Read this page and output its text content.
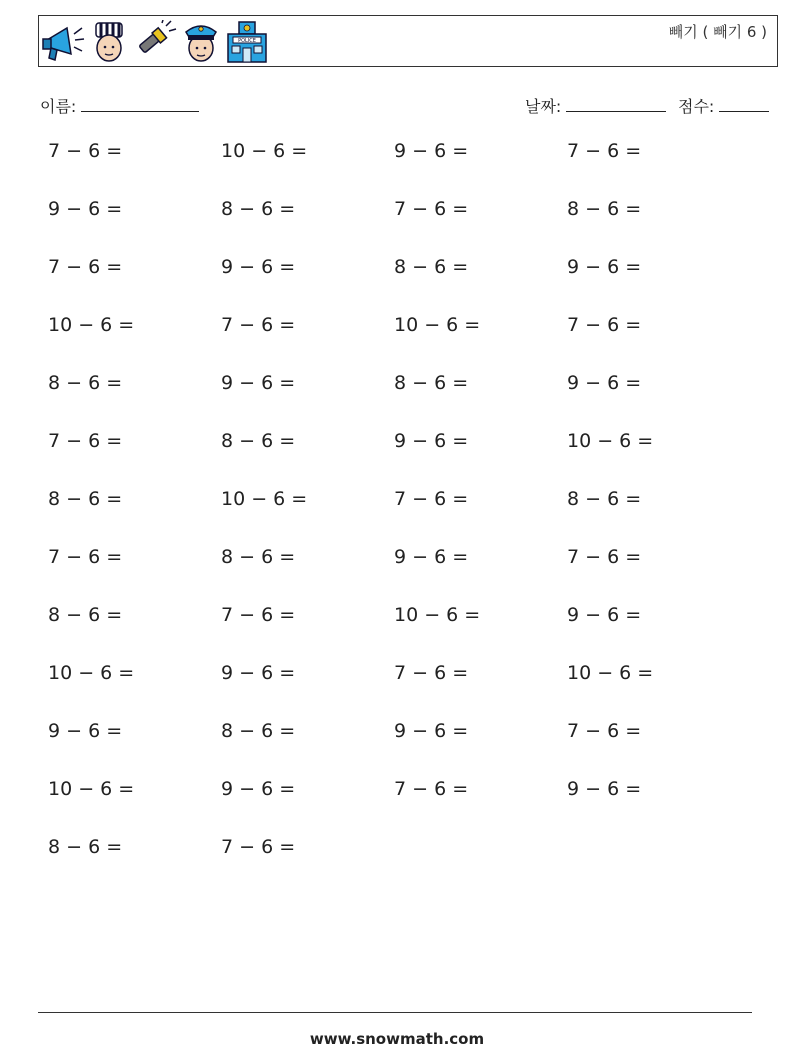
POLICE	빼기 ( 빼기 6 )
이름:	날짜:	점수:
7 − 6 =	10 − 6 =	9 − 6 =	7 − 6 =
9 − 6 =	8 − 6 =	7 − 6 =	8 − 6 =
7 − 6 =	9 − 6 =	8 − 6 =	9 − 6 =
10 − 6 =	7 − 6 =	10 − 6 =	7 − 6 =
8 − 6 =	9 − 6 =	8 − 6 =	9 − 6 =
7 − 6 =	8 − 6 =	9 − 6 =	10 − 6 =
8 − 6 =	10 − 6 =	7 − 6 =	8 − 6 =
7 − 6 =	8 − 6 =	9 − 6 =	7 − 6 =
8 − 6 =	7 − 6 =	10 − 6 =	9 − 6 =
10 − 6 =	9 − 6 =	7 − 6 =	10 − 6 =
9 − 6 =	8 − 6 =	9 − 6 =	7 − 6 =
10 − 6 =	9 − 6 =	7 − 6 =	9 − 6 =
8 − 6 =	7 − 6 =
www.snowmath.com
